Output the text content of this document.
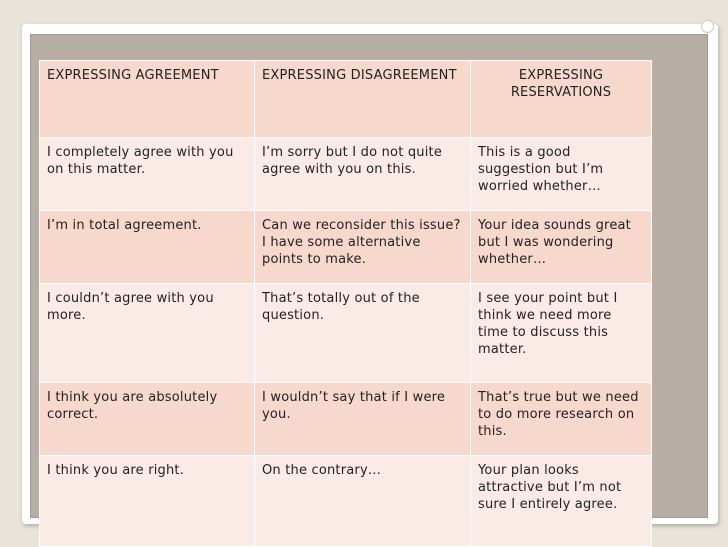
EXPRESSING AGREEMENT	EXPRESSING DISAGREEMENT	EXPRESSING RESERVATIONS
I completely agree with you on this matter.	I’m sorry but I do not quite agree with you on this.	This is a good suggestion but I’m worried whether…
I’m in total agreement.	Can we reconsider this issue? I have some alternative points to make.	Your idea sounds great but I was wondering whether…
I couldn’t agree with you more.	That’s totally out of the question.	I see your point but I think we need more time to discuss this matter.
I think you are absolutely correct.	I wouldn’t say that if I were you.	That’s true but we need to do more research on this.
I think you are right.	On the contrary…	Your plan looks attractive but I’m not sure I entirely agree.
